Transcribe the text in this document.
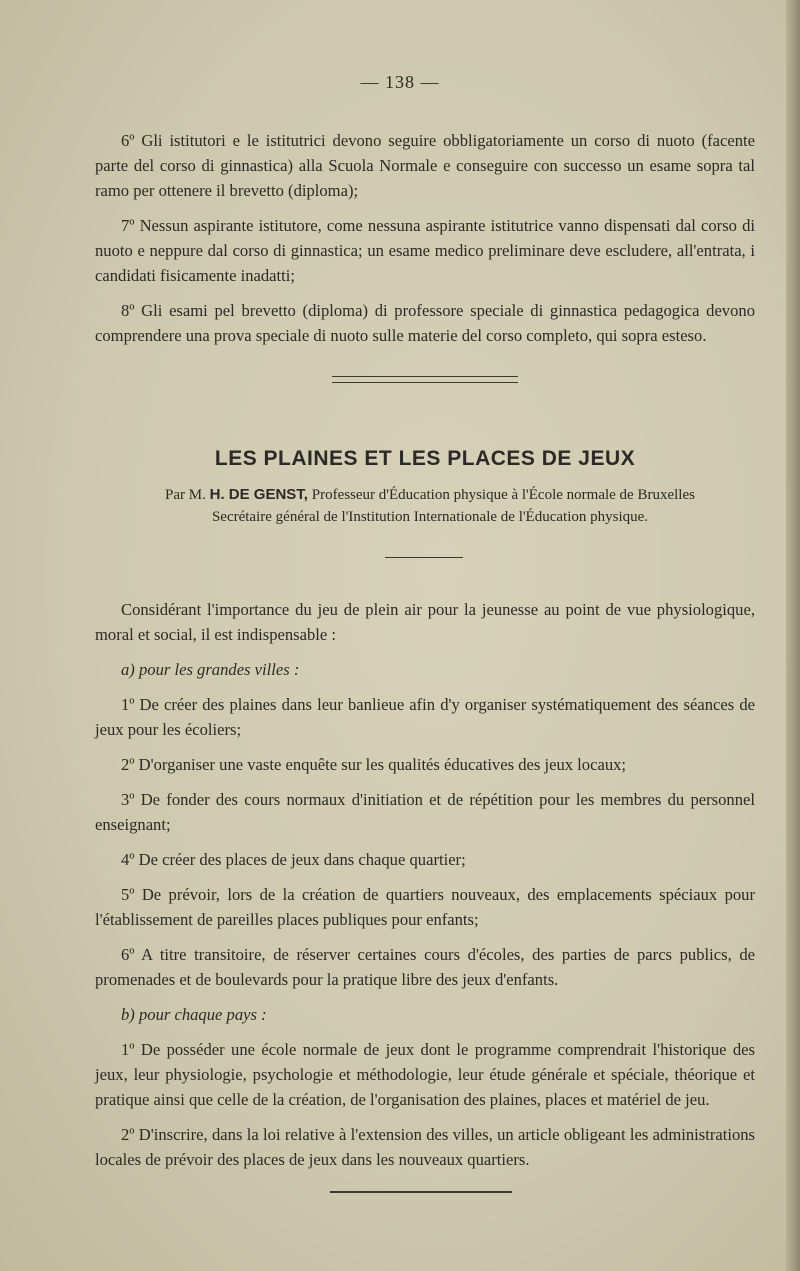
— 138 —

6º Gli istitutori e le istitutrici devono seguire obbligatoriamente un corso di nuoto (facente parte del corso di ginnastica) alla Scuola Normale e conseguire con successo un esame sopra tal ramo per ottenere il brevetto (diploma);

7º Nessun aspirante istitutore, come nessuna aspirante istitutrice vanno dispensati dal corso di nuoto e neppure dal corso di ginnastica; un esame medico preliminare deve escludere, all'entrata, i candidati fisicamente inadatti;

8º Gli esami pel brevetto (diploma) di professore speciale di ginnastica pedagogica devono comprendere una prova speciale di nuoto sulle materie del corso completo, qui sopra esteso.

LES PLAINES ET LES PLACES DE JEUX
Par M. H. DE GENST, Professeur d'Éducation physique à l'École normale de Bruxelles
Secrétaire général de l'Institution Internationale de l'Éducation physique.

Considérant l'importance du jeu de plein air pour la jeunesse au point de vue physiologique, moral et social, il est indispensable :

a) pour les grandes villes :

1º De créer des plaines dans leur banlieue afin d'y organiser systématiquement des séances de jeux pour les écoliers;

2º D'organiser une vaste enquête sur les qualités éducatives des jeux locaux;

3º De fonder des cours normaux d'initiation et de répétition pour les membres du personnel enseignant;

4º De créer des places de jeux dans chaque quartier;

5º De prévoir, lors de la création de quartiers nouveaux, des emplacements spéciaux pour l'établissement de pareilles places publiques pour enfants;

6º A titre transitoire, de réserver certaines cours d'écoles, des parties de parcs publics, de promenades et de boulevards pour la pratique libre des jeux d'enfants.

b) pour chaque pays :

1º De posséder une école normale de jeux dont le programme comprendrait l'historique des jeux, leur physiologie, psychologie et méthodologie, leur étude générale et spéciale, théorique et pratique ainsi que celle de la création, de l'organisation des plaines, places et matériel de jeu.

2º D'inscrire, dans la loi relative à l'extension des villes, un article obligeant les administrations locales de prévoir des places de jeux dans les nouveaux quartiers.
